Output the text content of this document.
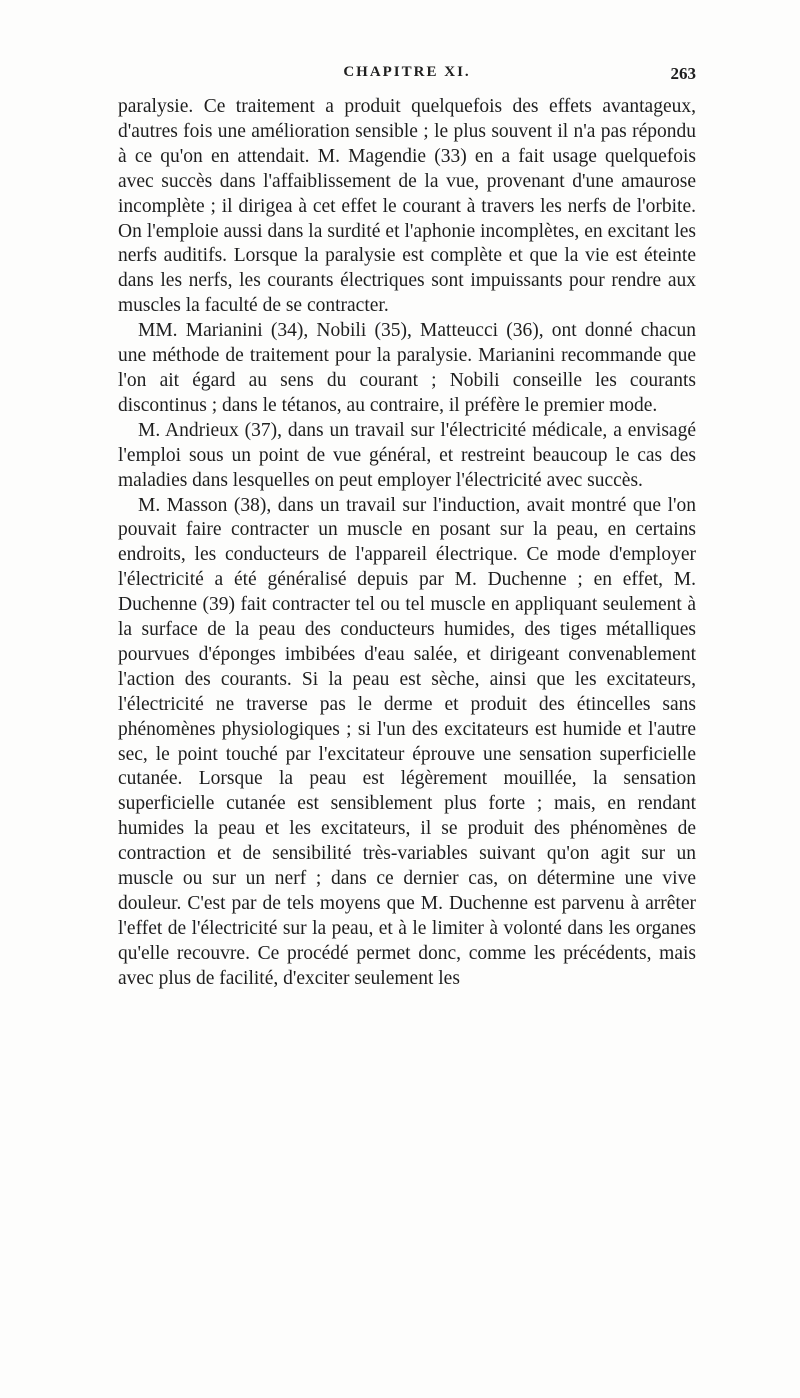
CHAPITRE XI.	263

paralysie. Ce traitement a produit quelquefois des effets avantageux, d'autres fois une amélioration sensible ; le plus souvent il n'a pas répondu à ce qu'on en attendait. M. Magendie (33) en a fait usage quelquefois avec succès dans l'affaiblissement de la vue, provenant d'une amaurose incomplète ; il dirigea à cet effet le courant à travers les nerfs de l'orbite. On l'emploie aussi dans la surdité et l'aphonie incomplètes, en excitant les nerfs auditifs. Lorsque la paralysie est complète et que la vie est éteinte dans les nerfs, les courants électriques sont impuissants pour rendre aux muscles la faculté de se contracter.

MM. Marianini (34), Nobili (35), Matteucci (36), ont donné chacun une méthode de traitement pour la paralysie. Marianini recommande que l'on ait égard au sens du courant ; Nobili conseille les courants discontinus ; dans le tétanos, au contraire, il préfère le premier mode.

M. Andrieux (37), dans un travail sur l'électricité médicale, a envisagé l'emploi sous un point de vue général, et restreint beaucoup le cas des maladies dans lesquelles on peut employer l'électricité avec succès.

M. Masson (38), dans un travail sur l'induction, avait montré que l'on pouvait faire contracter un muscle en posant sur la peau, en certains endroits, les conducteurs de l'appareil électrique. Ce mode d'employer l'électricité a été généralisé depuis par M. Duchenne ; en effet, M. Duchenne (39) fait contracter tel ou tel muscle en appliquant seulement à la surface de la peau des conducteurs humides, des tiges métalliques pourvues d'éponges imbibées d'eau salée, et dirigeant convenablement l'action des courants. Si la peau est sèche, ainsi que les excitateurs, l'électricité ne traverse pas le derme et produit des étincelles sans phénomènes physiologiques ; si l'un des excitateurs est humide et l'autre sec, le point touché par l'excitateur éprouve une sensation superficielle cutanée. Lorsque la peau est légèrement mouillée, la sensation superficielle cutanée est sensiblement plus forte ; mais, en rendant humides la peau et les excitateurs, il se produit des phénomènes de contraction et de sensibilité très-variables suivant qu'on agit sur un muscle ou sur un nerf ; dans ce dernier cas, on détermine une vive douleur. C'est par de tels moyens que M. Duchenne est parvenu à arrêter l'effet de l'électricité sur la peau, et à le limiter à volonté dans les organes qu'elle recouvre. Ce procédé permet donc, comme les précédents, mais avec plus de facilité, d'exciter seulement les
